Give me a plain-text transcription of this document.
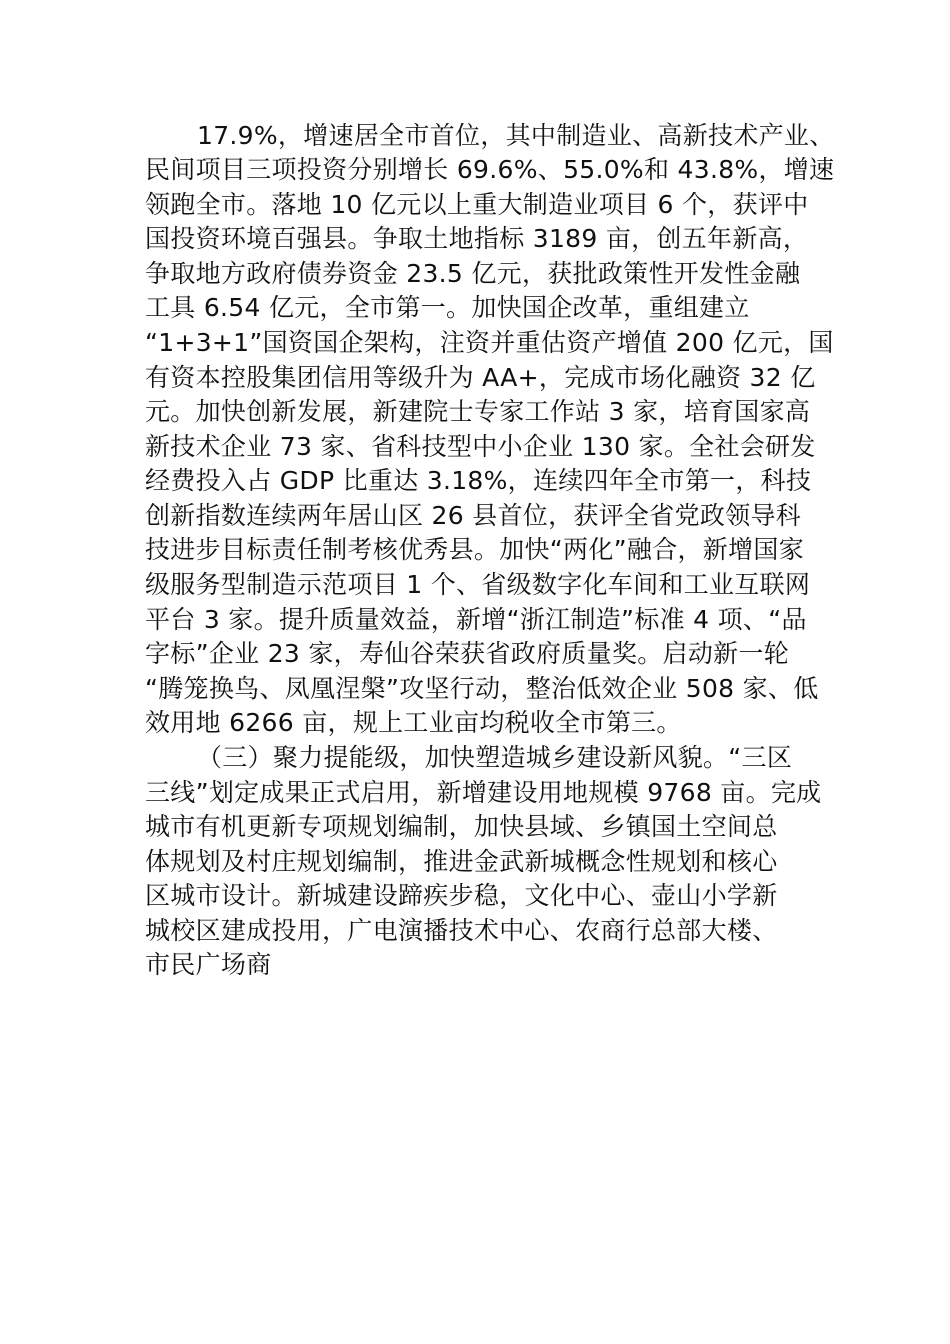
17.9%，增速居全市首位，其中制造业、高新技术产业、
民间项目三项投资分别增长 69.6%、55.0%和 43.8%，增速
领跑全市。落地 10 亿元以上重大制造业项目 6 个，获评中
国投资环境百强县。争取土地指标 3189 亩，创五年新高，
争取地方政府债券资金 23.5 亿元，获批政策性开发性金融
工具 6.54 亿元，全市第一。加快国企改革，重组建立
“1+3+1”国资国企架构，注资并重估资产增值 200 亿元，国
有资本控股集团信用等级升为 AA+，完成市场化融资 32 亿
元。加快创新发展，新建院士专家工作站 3 家，培育国家高
新技术企业 73 家、省科技型中小企业 130 家。全社会研发
经费投入占 GDP 比重达 3.18%，连续四年全市第一，科技
创新指数连续两年居山区 26 县首位，获评全省党政领导科
技进步目标责任制考核优秀县。加快“两化”融合，新增国家
级服务型制造示范项目 1 个、省级数字化车间和工业互联网
平台 3 家。提升质量效益，新增“浙江制造”标准 4 项、“品
字标”企业 23 家，寿仙谷荣获省政府质量奖。启动新一轮
“腾笼换鸟、凤凰涅槃”攻坚行动，整治低效企业 508 家、低
效用地 6266 亩，规上工业亩均税收全市第三。
（三）聚力提能级，加快塑造城乡建设新风貌。“三区
三线”划定成果正式启用，新增建设用地规模 9768 亩。完成
城市有机更新专项规划编制，加快县域、乡镇国土空间总
体规划及村庄规划编制，推进金武新城概念性规划和核心
区城市设计。新城建设蹄疾步稳，文化中心、壶山小学新
城校区建成投用，广电演播技术中心、农商行总部大楼、
市民广场商
